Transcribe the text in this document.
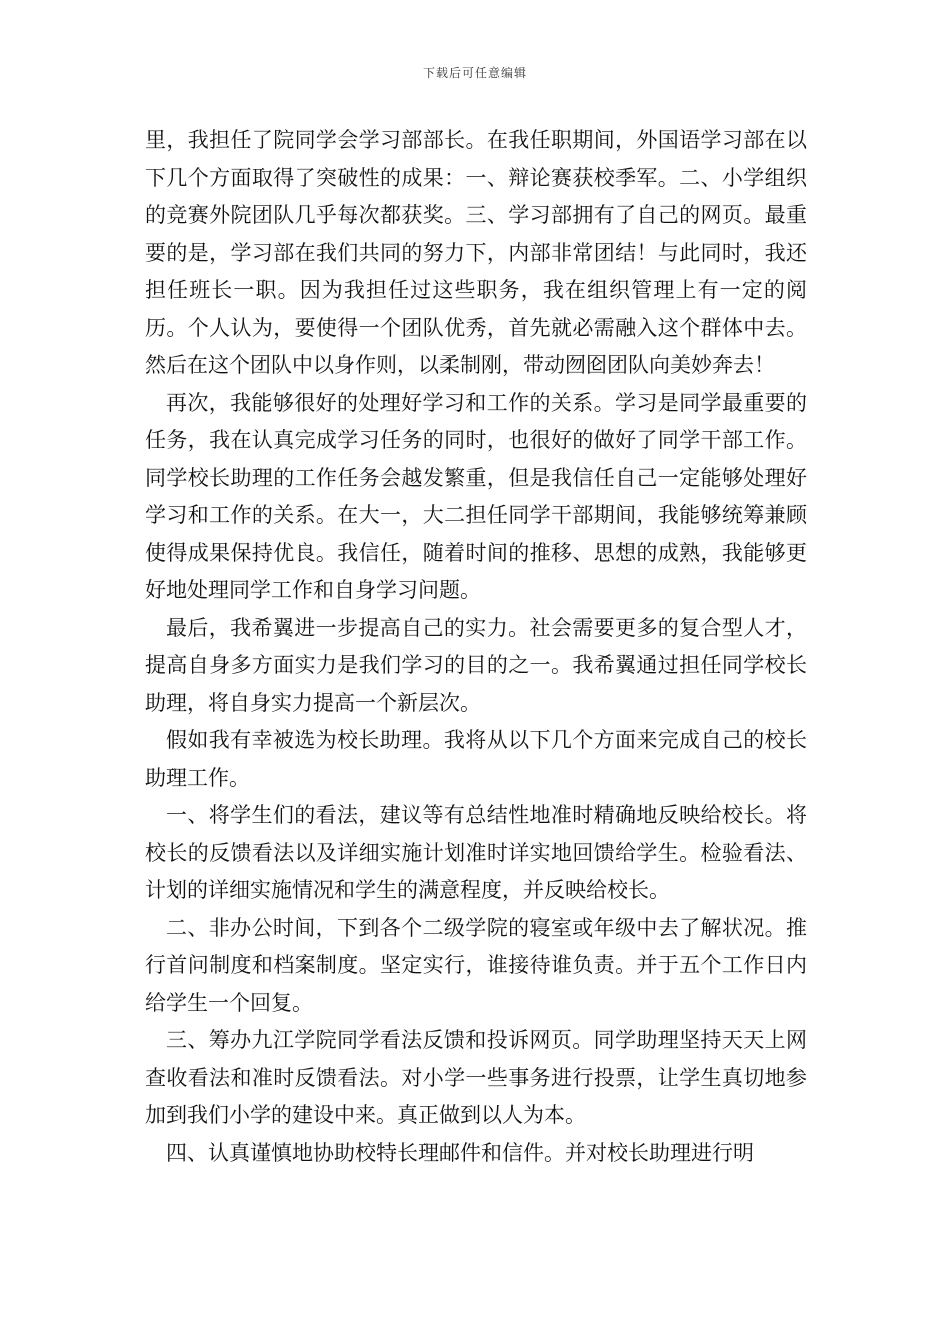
下载后可任意编辑

里，我担任了院同学会学习部部长。在我任职期间，外国语学习部在以下几个方面取得了突破性的成果：一、辩论赛获校季军。二、小学组织的竞赛外院团队几乎每次都获奖。三、学习部拥有了自己的网页。最重要的是，学习部在我们共同的努力下，内部非常团结！与此同时，我还担任班长一职。因为我担任过这些职务，我在组织管理上有一定的阅历。个人认为，要使得一个团队优秀，首先就必需融入这个群体中去。然后在这个团队中以身作则，以柔制刚，带动囫囵团队向美妙奔去！

再次，我能够很好的处理好学习和工作的关系。学习是同学最重要的任务，我在认真完成学习任务的同时，也很好的做好了同学干部工作。同学校长助理的工作任务会越发繁重，但是我信任自己一定能够处理好学习和工作的关系。在大一，大二担任同学干部期间，我能够统筹兼顾使得成果保持优良。我信任，随着时间的推移、思想的成熟，我能够更好地处理同学工作和自身学习问题。

最后，我希翼进一步提高自己的实力。社会需要更多的复合型人才，提高自身多方面实力是我们学习的目的之一。我希翼通过担任同学校长助理，将自身实力提高一个新层次。

假如我有幸被选为校长助理。我将从以下几个方面来完成自己的校长助理工作。

一、将学生们的看法，建议等有总结性地准时精确地反映给校长。将校长的反馈看法以及详细实施计划准时详实地回馈给学生。检验看法、计划的详细实施情况和学生的满意程度，并反映给校长。

二、非办公时间，下到各个二级学院的寝室或年级中去了解状况。推行首问制度和档案制度。坚定实行，谁接待谁负责。并于五个工作日内给学生一个回复。

三、筹办九江学院同学看法反馈和投诉网页。同学助理坚持天天上网查收看法和准时反馈看法。对小学一些事务进行投票，让学生真切地参加到我们小学的建设中来。真正做到以人为本。

四、认真谨慎地协助校特长理邮件和信件。并对校长助理进行明
